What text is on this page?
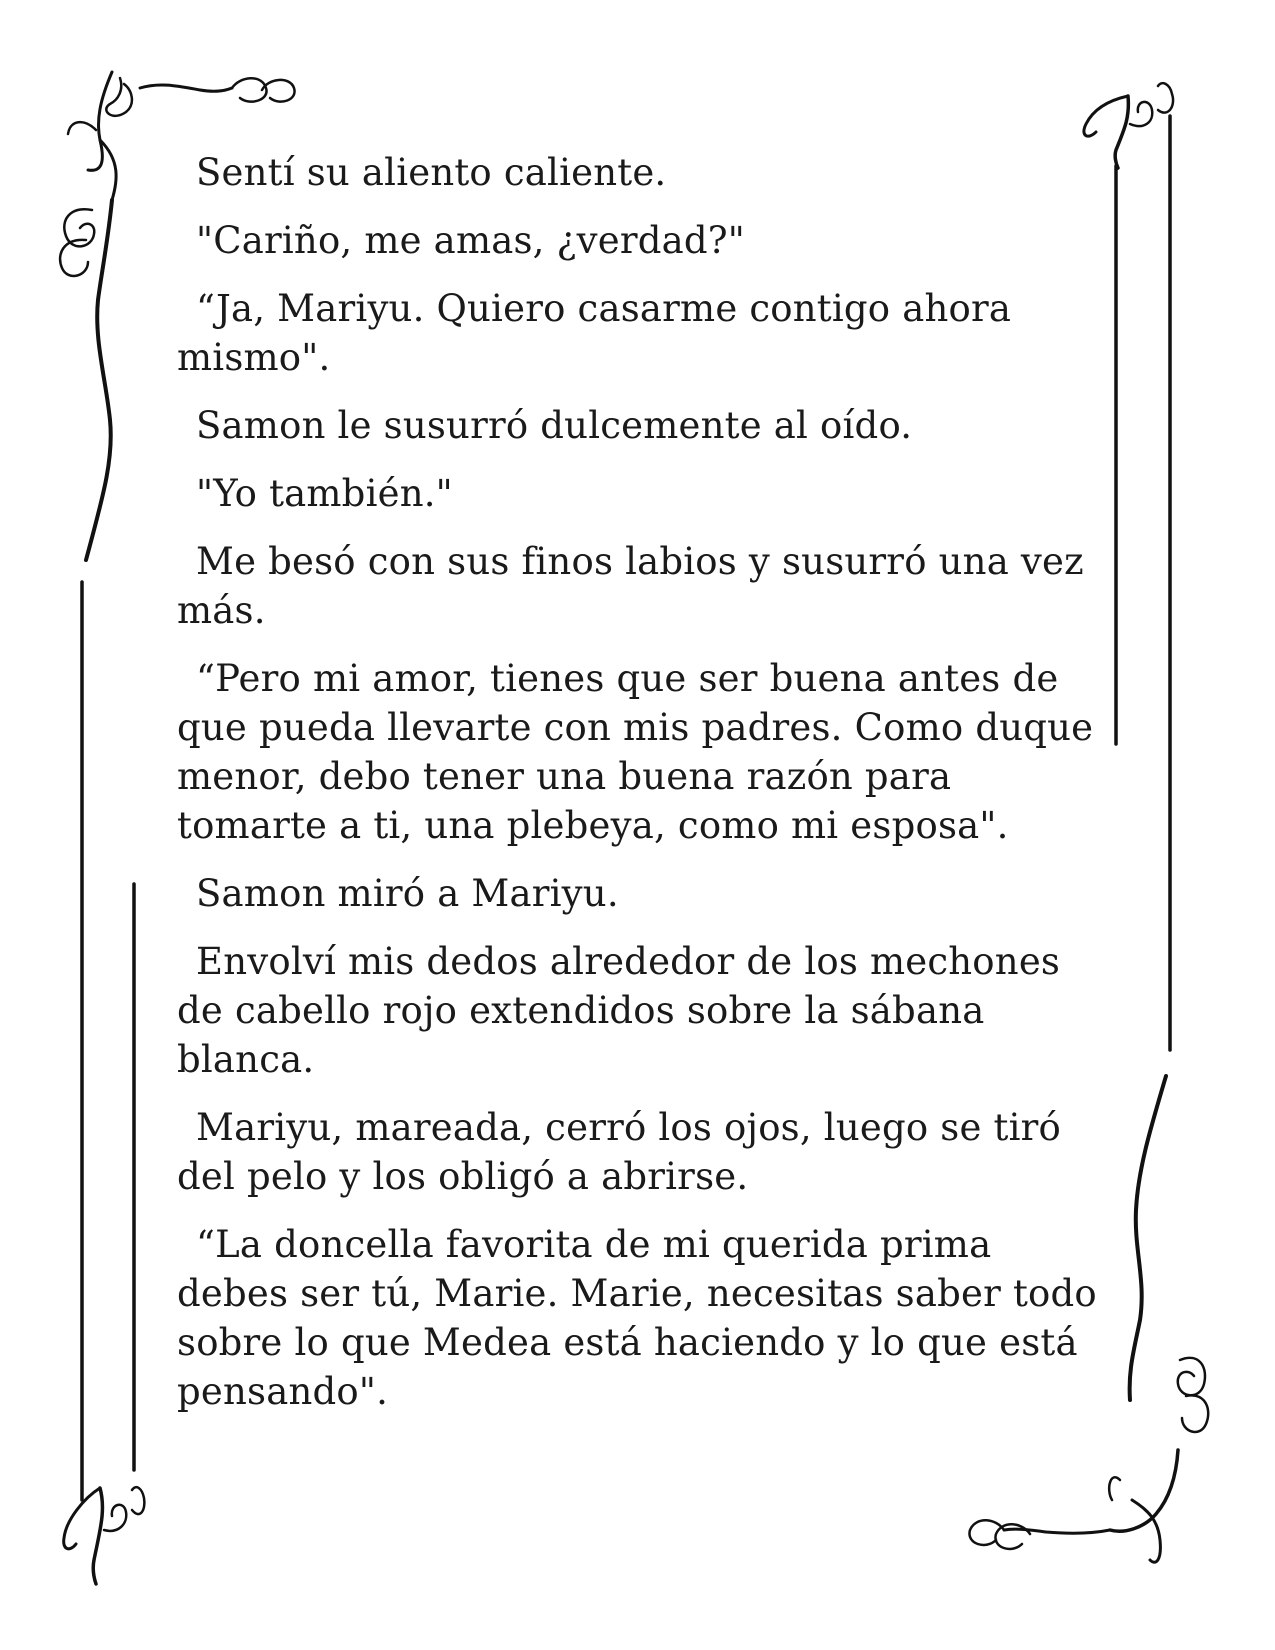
Sentí su aliento caliente.

"Cariño, me amas, ¿verdad?"

“Ja, Mariyu. Quiero casarme contigo ahora mismo".

Samon le susurró dulcemente al oído.

"Yo también."

Me besó con sus finos labios y susurró una vez más.

“Pero mi amor, tienes que ser buena antes de que pueda llevarte con mis padres. Como duque menor, debo tener una buena razón para tomarte a ti, una plebeya, como mi esposa".

Samon miró a Mariyu.

Envolví mis dedos alrededor de los mechones de cabello rojo extendidos sobre la sábana blanca.

Mariyu, mareada, cerró los ojos, luego se tiró del pelo y los obligó a abrirse.

“La doncella favorita de mi querida prima debes ser tú, Marie. Marie, necesitas saber todo sobre lo que Medea está haciendo y lo que está pensando".
